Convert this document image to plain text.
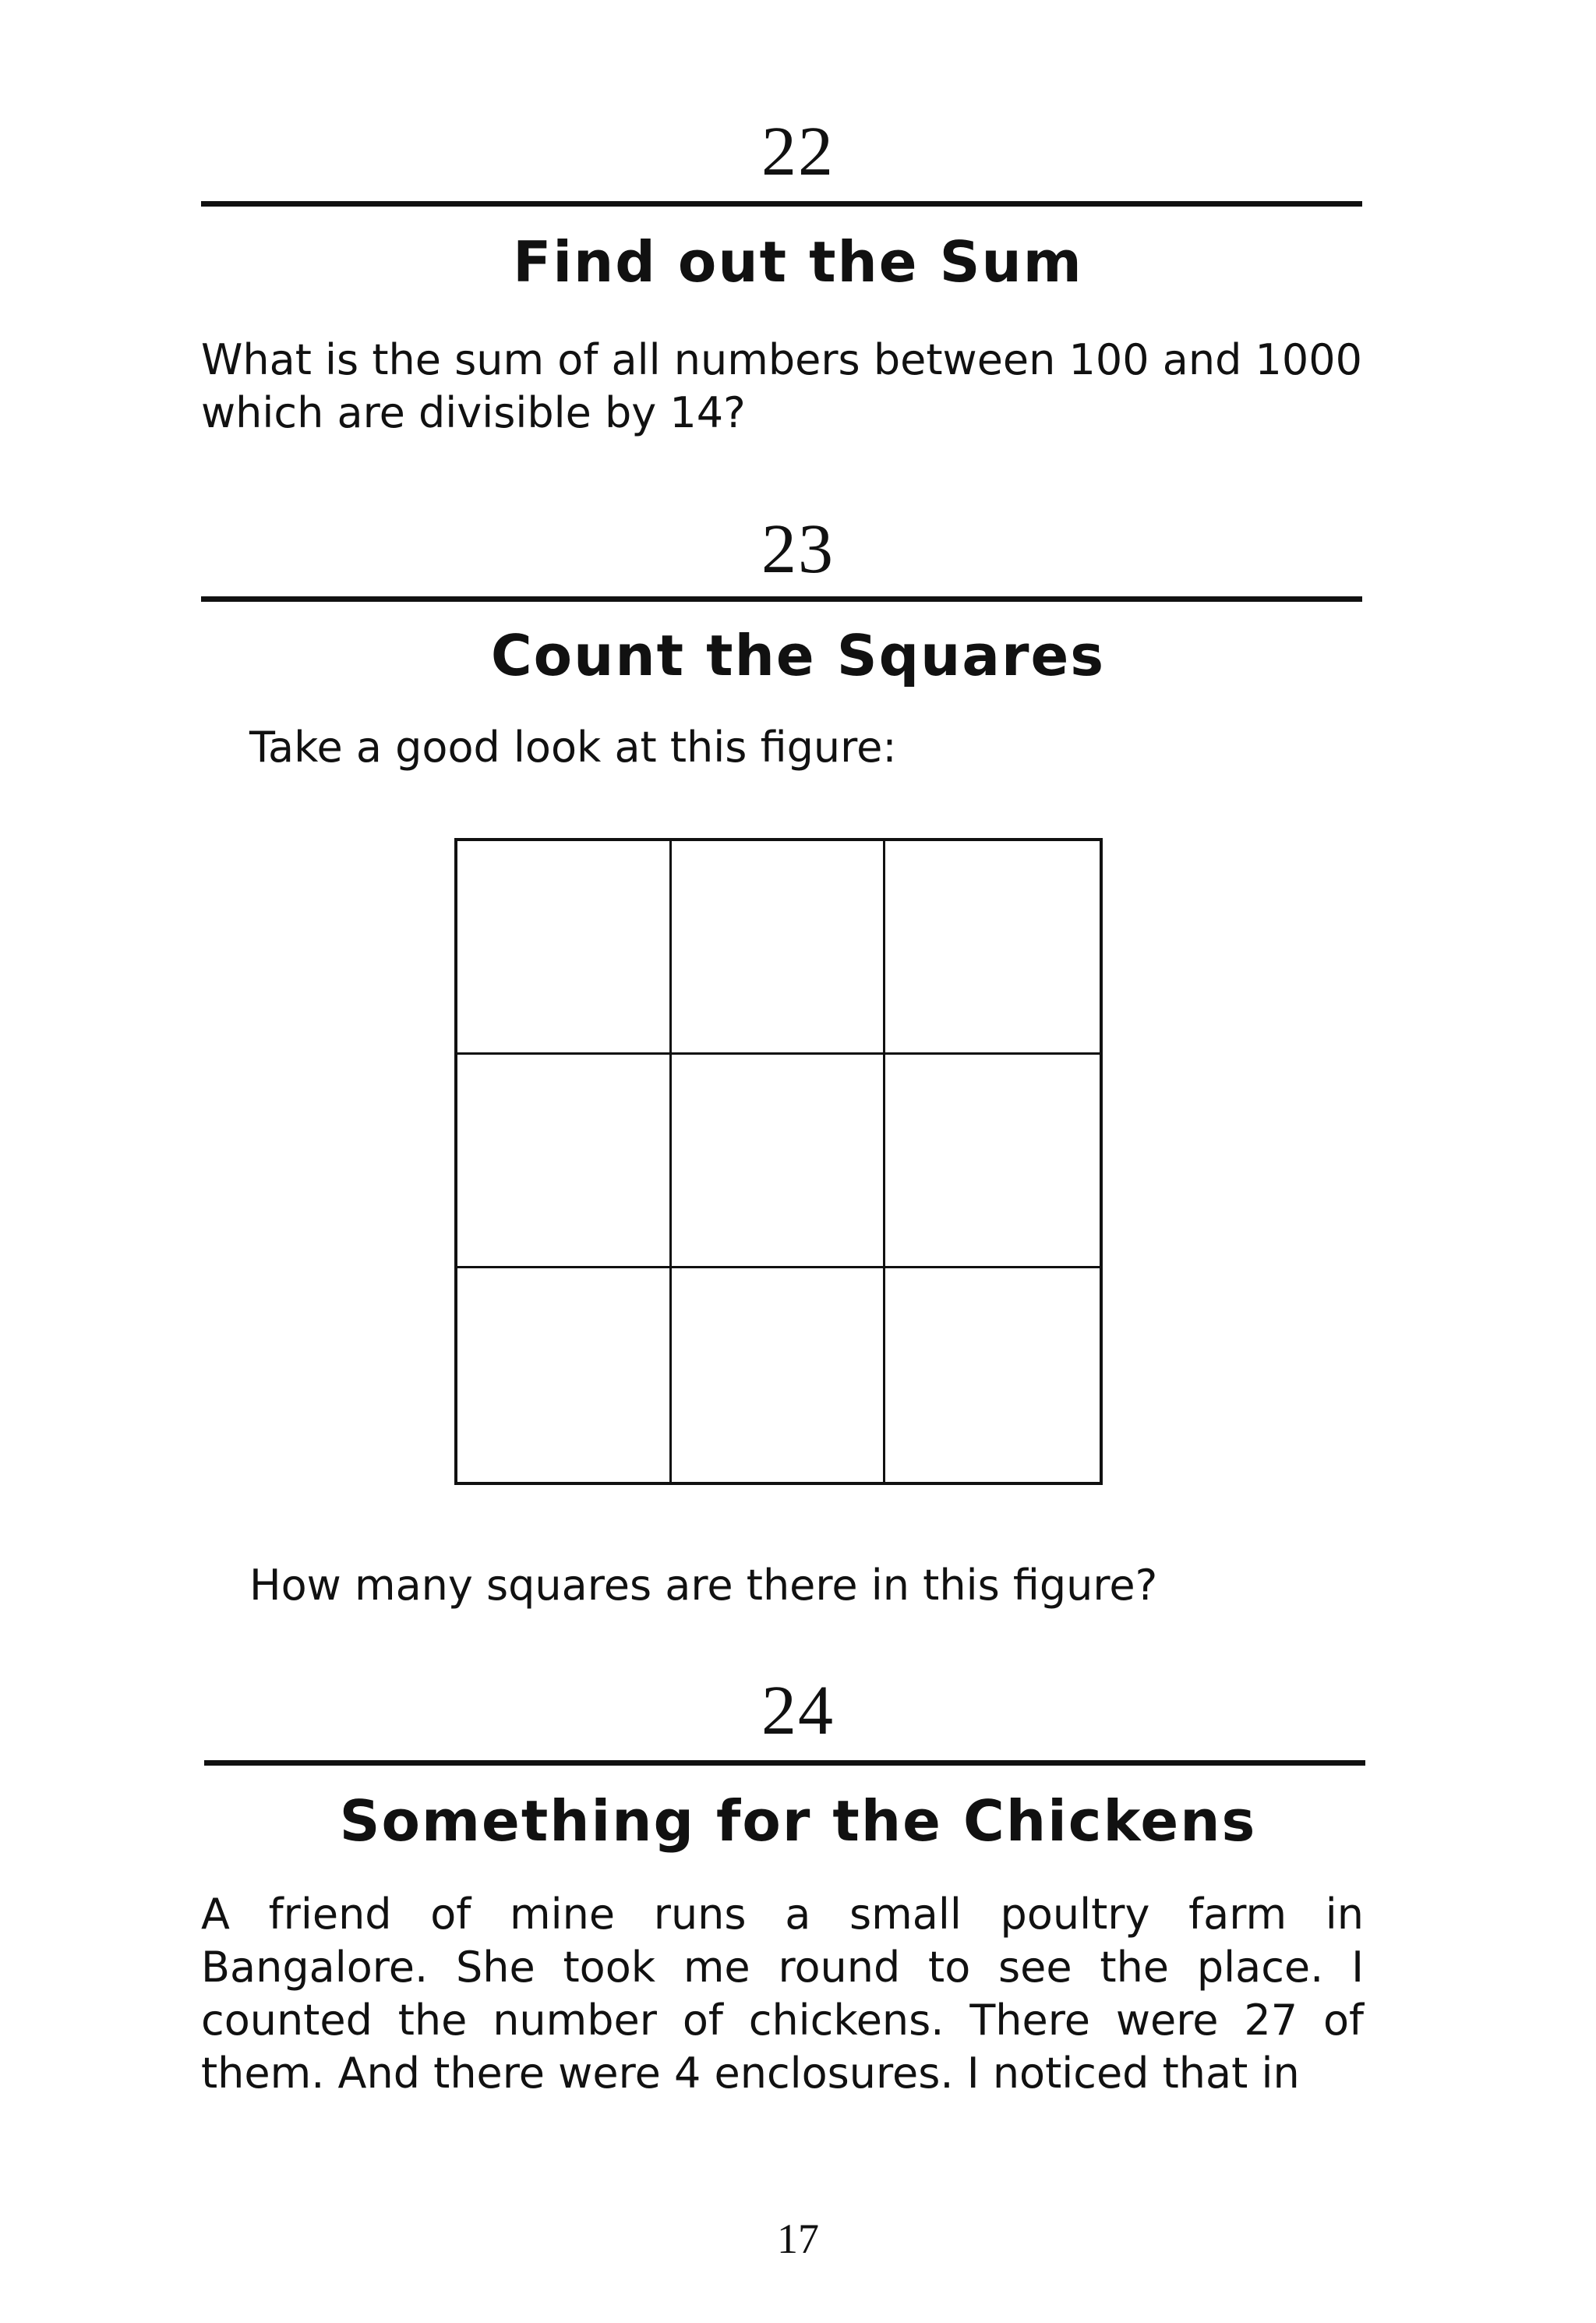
22
Find out the Sum

What is the sum of all numbers between 100 and 1000 which are divisible by 14?

23
Count the Squares

Take a good look at this figure:

How many squares are there in this figure?

24
Something for the Chickens

A friend of mine runs a small poultry farm in Bangalore. She took me round to see the place. I counted the number of chickens. There were 27 of them. And there were 4 enclosures. I noticed that in

17
